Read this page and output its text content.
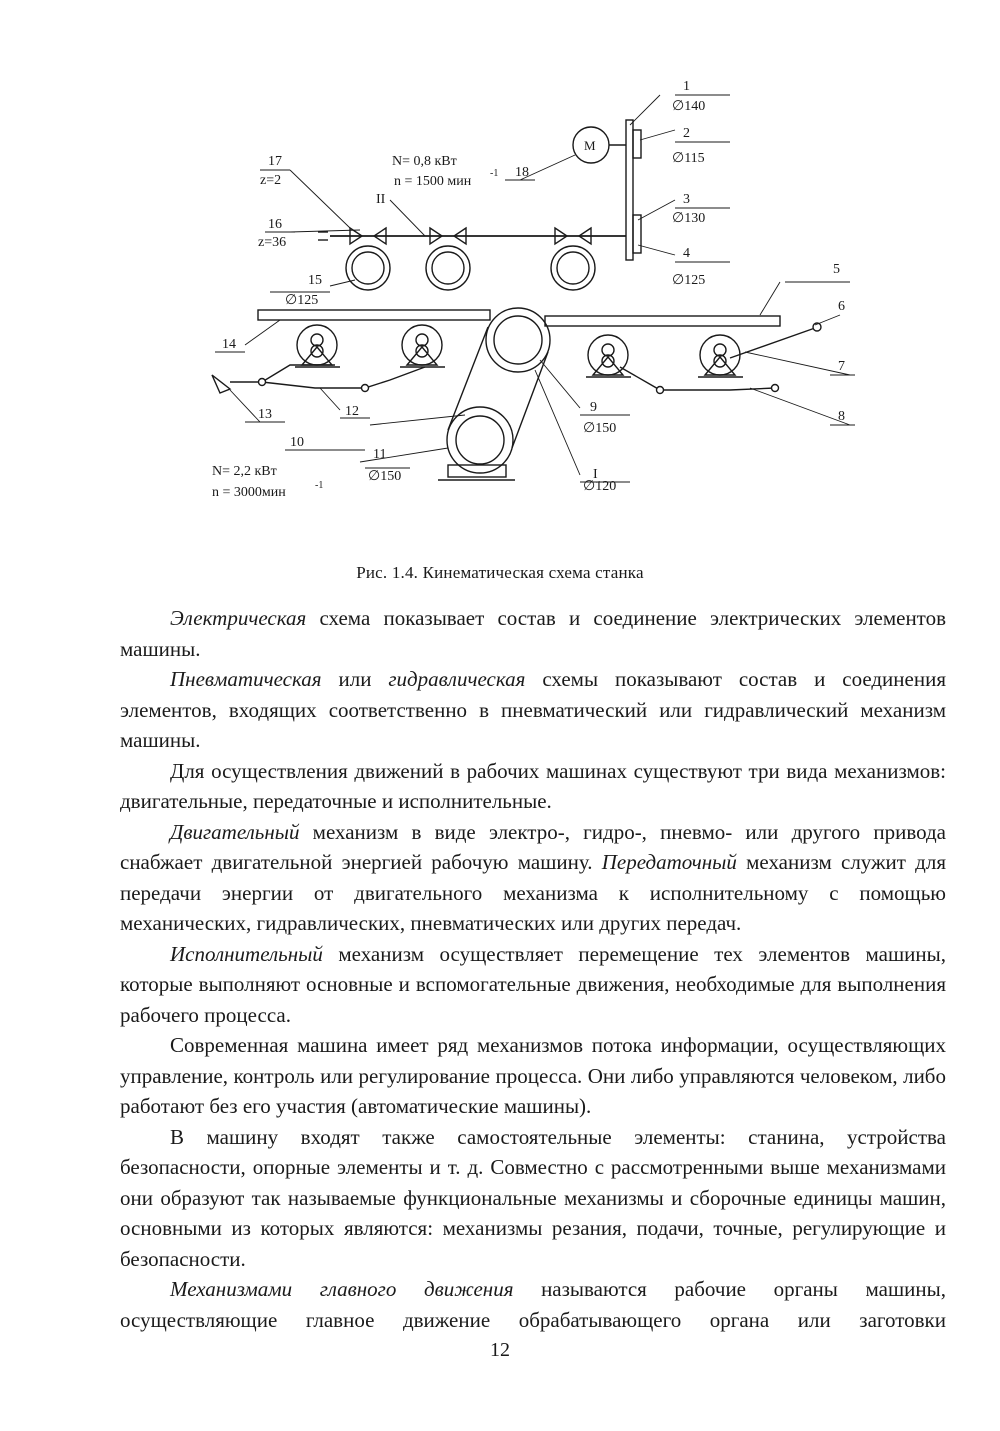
1
∅140
2
∅115
3
∅130
4
∅125
5
6
7
8
9
∅150
I
∅120
10
11
∅150
12
13
14
15
∅125
16
z=36
17
z=2
18
II
М
N= 0,8 кВт
n = 1500 мин
-1
N= 2,2 кВт
n = 3000мин	-1
Рис. 1.4. Кинематическая схема станка

Электрическая схема показывает состав и соединение электрических элементов машины.

Пневматическая или гидравлическая схемы показывают состав и соединения элементов, входящих соответственно в пневматический или гидравлический механизм машины.

Для осуществления движений в рабочих машинах существуют три вида механизмов: двигательные, передаточные и исполнительные.

Двигательный механизм в виде электро-, гидро-, пневмо- или другого привода снабжает двигательной энергией рабочую машину. Передаточный механизм служит для передачи энергии от двигательного механизма к исполнительному с помощью механических, гидравлических, пневматических или других передач.

Исполнительный механизм осуществляет перемещение тех элементов машины, которые выполняют основные и вспомогательные движения, необходимые для выполнения рабочего процесса.

Современная машина имеет ряд механизмов потока информации, осуществляющих управление, контроль или регулирование процесса. Они либо управляются человеком, либо работают без его участия (автоматические машины).

В машину входят также самостоятельные элементы: станина, устройства безопасности, опорные элементы и т. д. Совместно с рассмотренными выше механизмами они образуют так называемые функциональные механизмы и сборочные единицы машин, основными из которых являются: механизмы резания, подачи, точные, регулирующие и безопасности.

Механизмами главного движения называются рабочие органы машины, осуществляющие главное движение обрабатывающего органа или заготовки

12
